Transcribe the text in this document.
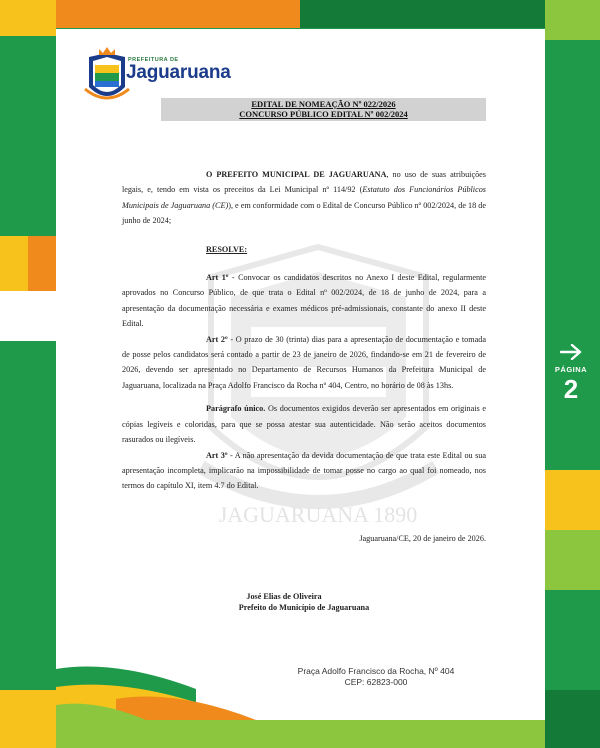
PREFEITURA DE
Jaguaruana
EDITAL DE NOMEAÇÃO Nº 022/2026
CONCURSO PÚBLICO EDITAL Nº 002/2024
JAGUARUANA 1890

O PREFEITO MUNICIPAL DE JAGUARUANA, no uso de suas atribuições legais, e, tendo em vista os preceitos da Lei Municipal nº 114/92 (Estatuto dos Funcionários Públicos Municipais de Jaguaruana (CE)), e em conformidade com o Edital de Concurso Público nº 002/2024, de 18 de junho de 2024;

RESOLVE:

Art 1º - Convocar os candidatos descritos no Anexo I deste Edital, regularmente aprovados no Concurso Público, de que trata o Edital nº 002/2024, de 18 de junho de 2024, para a apresentação da documentação necessária e exames médicos pré-admissionais, constante do anexo II deste Edital.

Art 2º - O prazo de 30 (trinta) dias para a apresentação de documentação e tomada de posse pelos candidatos será contado a partir de 23 de janeiro de 2026, findando-se em 21 de fevereiro de 2026, devendo ser apresentado no Departamento de Recursos Humanos da Prefeitura Municipal de Jaguaruana, localizada na Praça Adolfo Francisco da Rocha nº 404, Centro, no horário de 08 às 13hs.

Parágrafo único. Os documentos exigidos deverão ser apresentados em originais e cópias legíveis e coloridas, para que se possa atestar sua autenticidade. Não serão aceitos documentos rasurados ou ilegíveis.

Art 3º - A não apresentação da devida documentação de que trata este Edital ou sua apresentação incompleta, implicarão na impossibilidade de tomar posse no cargo ao qual foi nomeado, nos termos do capítulo XI, item 4.7 do Edital.

Jaguaruana/CE, 20 de janeiro de 2026.
José Elias de Oliveira
Prefeito do Município de Jaguaruana
Praça Adolfo Francisco da Rocha, Nº 404
CEP: 62823-000
PÁGINA
2
